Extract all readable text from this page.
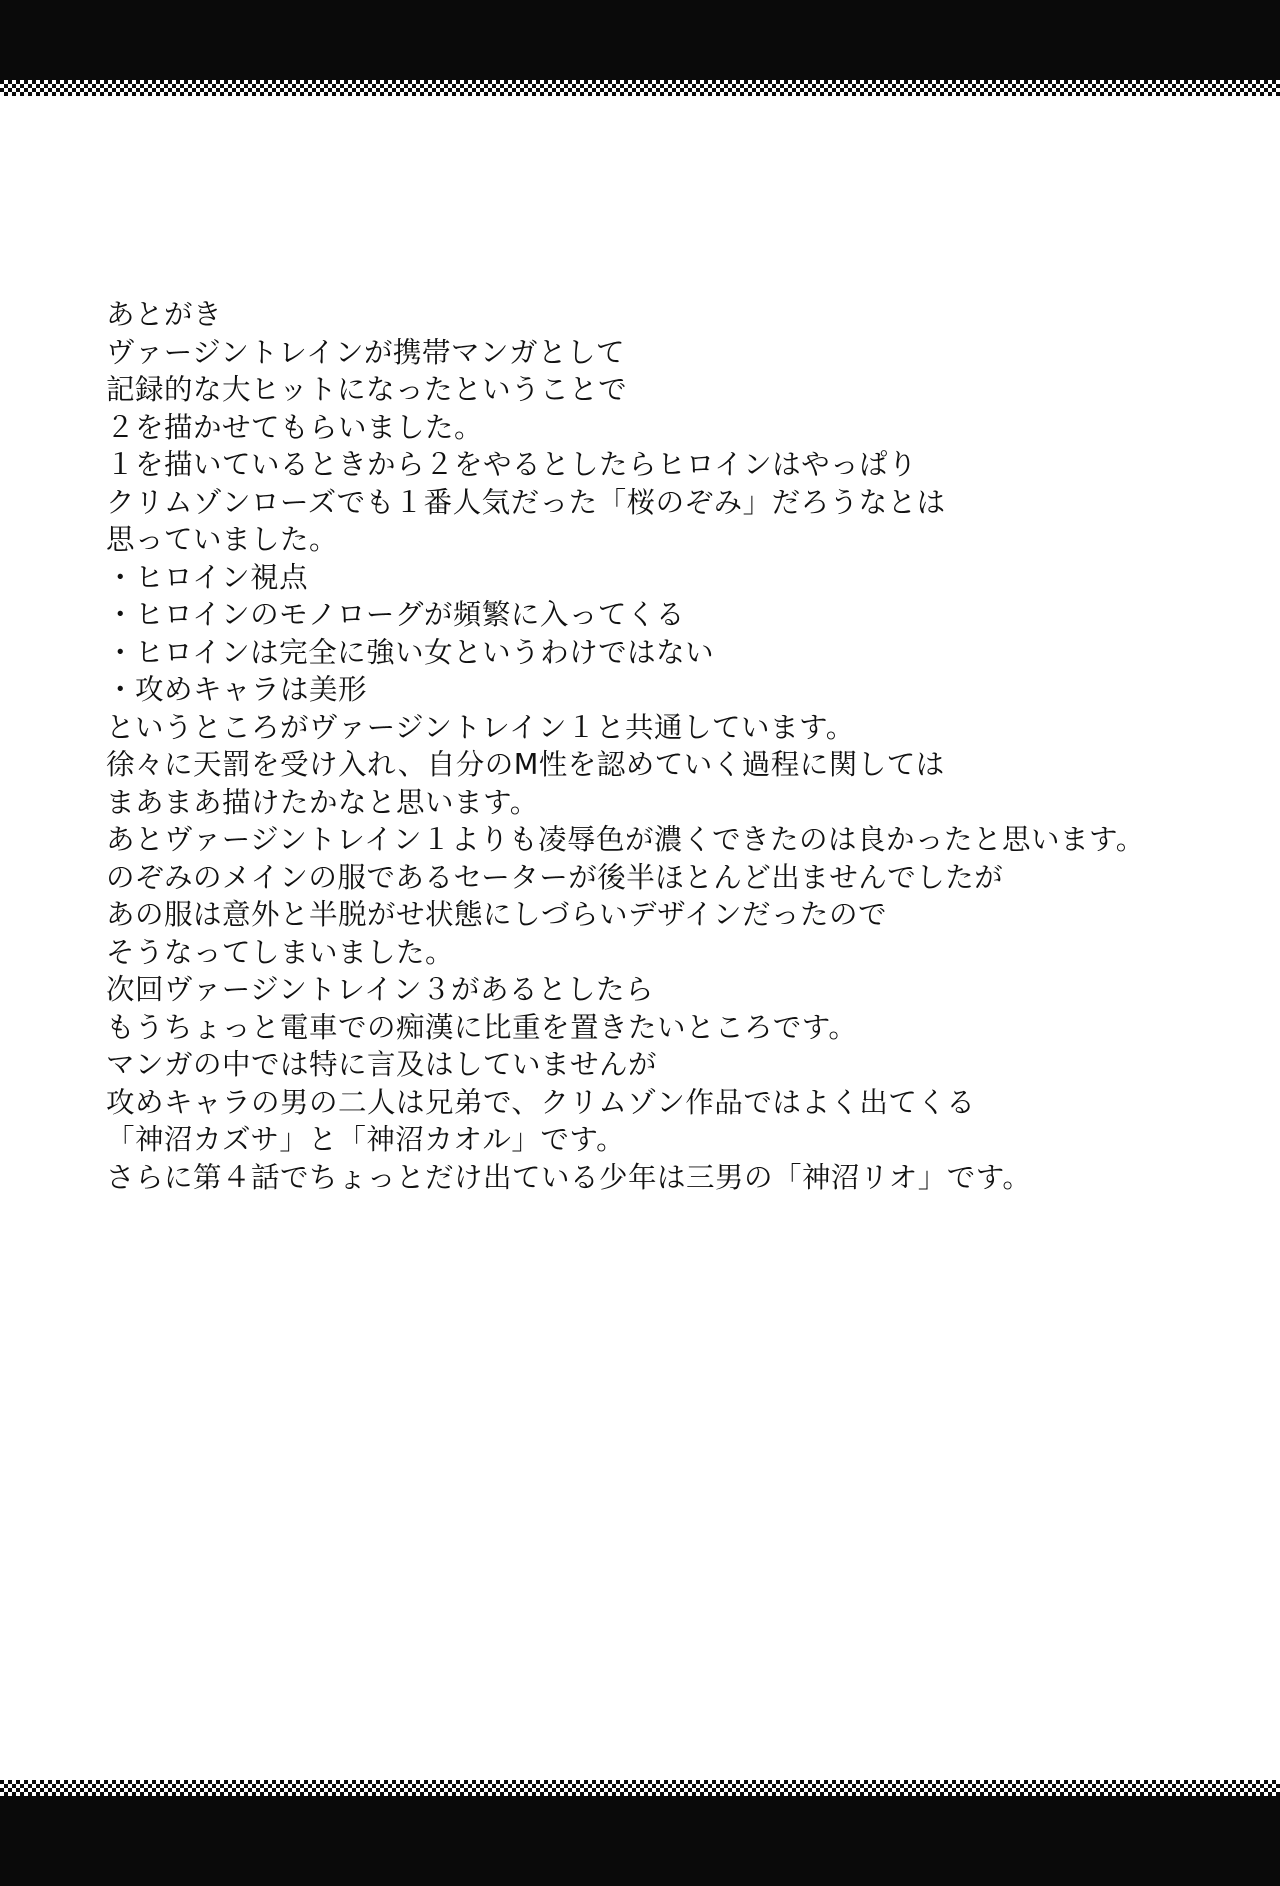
あとがき
ヴァージントレインが携帯マンガとして
記録的な大ヒットになったということで
２を描かせてもらいました。
１を描いているときから２をやるとしたらヒロインはやっぱり
クリムゾンローズでも１番人気だった「桜のぞみ」だろうなとは
思っていました。
・ヒロイン視点
・ヒロインのモノローグが頻繁に入ってくる
・ヒロインは完全に強い女というわけではない
・攻めキャラは美形
というところがヴァージントレイン１と共通しています。
徐々に天罰を受け入れ、自分のM性を認めていく過程に関しては
まあまあ描けたかなと思います。
あとヴァージントレイン１よりも凌辱色が濃くできたのは良かったと思います。
のぞみのメインの服であるセーターが後半ほとんど出ませんでしたが
あの服は意外と半脱がせ状態にしづらいデザインだったので
そうなってしまいました。
次回ヴァージントレイン３があるとしたら
もうちょっと電車での痴漢に比重を置きたいところです。
マンガの中では特に言及はしていませんが
攻めキャラの男の二人は兄弟で、クリムゾン作品ではよく出てくる
「神沼カズサ」と「神沼カオル」です。
さらに第４話でちょっとだけ出ている少年は三男の「神沼リオ」です。
